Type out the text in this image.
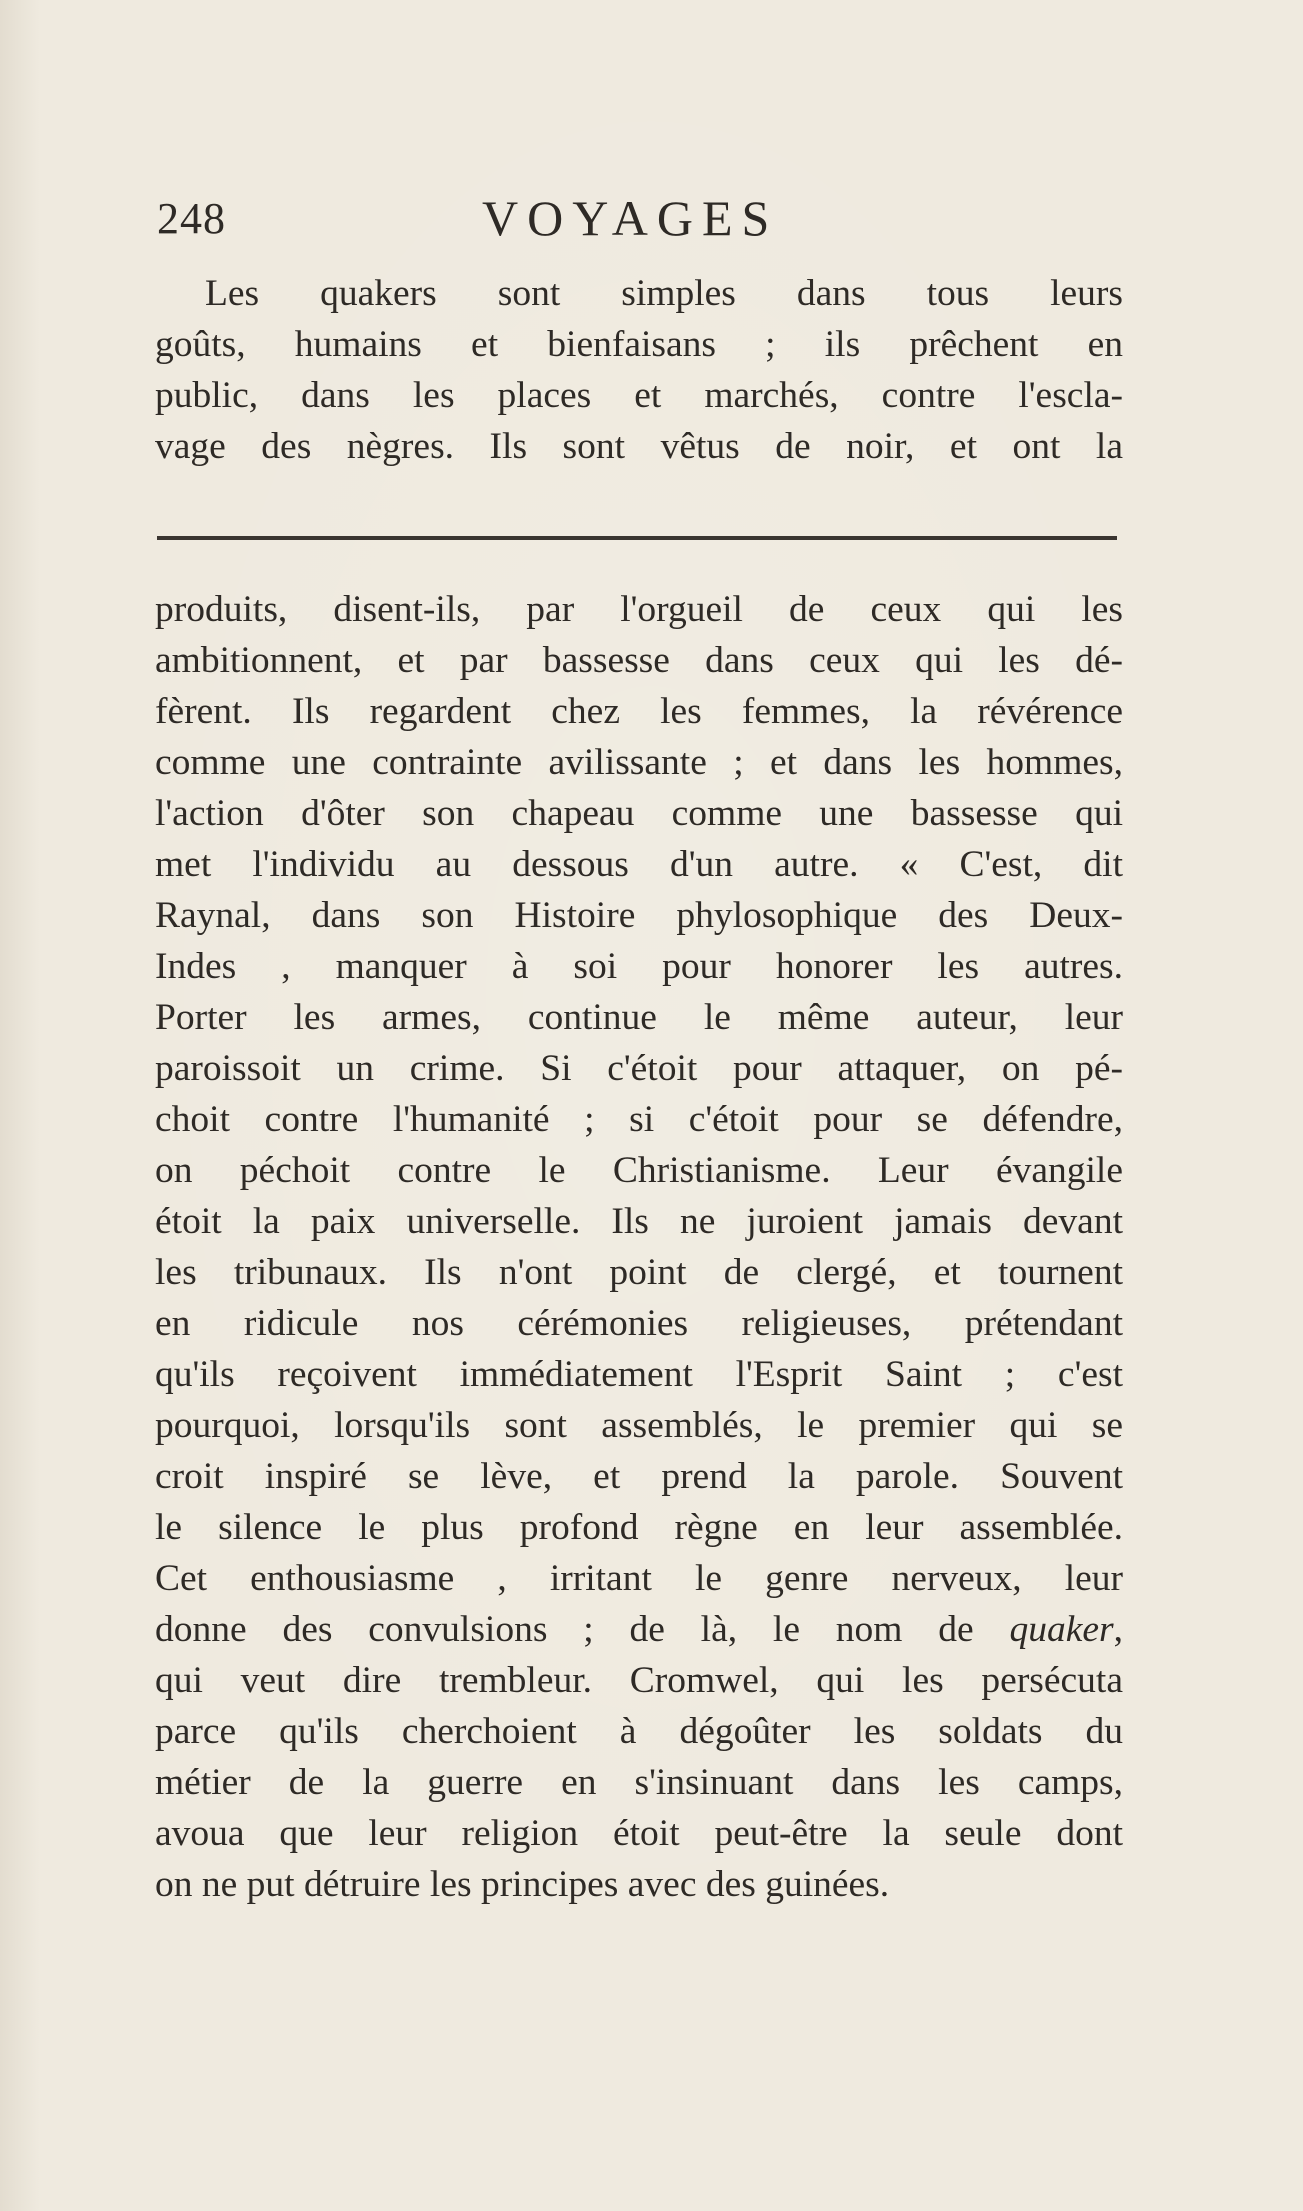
248	VOYAGES
Les quakers sont simples dans tous leurs
goûts, humains et bienfaisans ; ils prêchent en
public, dans les places et marchés, contre l'escla-
vage des nègres. Ils sont vêtus de noir, et ont la
produits, disent-ils, par l'orgueil de ceux qui les
ambitionnent, et par bassesse dans ceux qui les dé-
fèrent. Ils regardent chez les femmes, la révérence
comme une contrainte avilissante ; et dans les hommes,
l'action d'ôter son chapeau comme une bassesse qui
met l'individu au dessous d'un autre. « C'est, dit
Raynal, dans son Histoire phylosophique des Deux-
Indes , manquer à soi pour honorer les autres.
Porter les armes, continue le même auteur, leur
paroissoit un crime. Si c'étoit pour attaquer, on pé-
choit contre l'humanité ; si c'étoit pour se défendre,
on péchoit contre le Christianisme. Leur évangile
étoit la paix universelle. Ils ne juroient jamais devant
les tribunaux. Ils n'ont point de clergé, et tournent
en ridicule nos cérémonies religieuses, prétendant
qu'ils reçoivent immédiatement l'Esprit Saint ; c'est
pourquoi, lorsqu'ils sont assemblés, le premier qui se
croit inspiré se lève, et prend la parole. Souvent
le silence le plus profond règne en leur assemblée.
Cet enthousiasme , irritant le genre nerveux, leur
donne des convulsions ; de là, le nom de quaker,
qui veut dire trembleur. Cromwel, qui les persécuta
parce qu'ils cherchoient à dégoûter les soldats du
métier de la guerre en s'insinuant dans les camps,
avoua que leur religion étoit peut-être la seule dont
on ne put détruire les principes avec des guinées.
